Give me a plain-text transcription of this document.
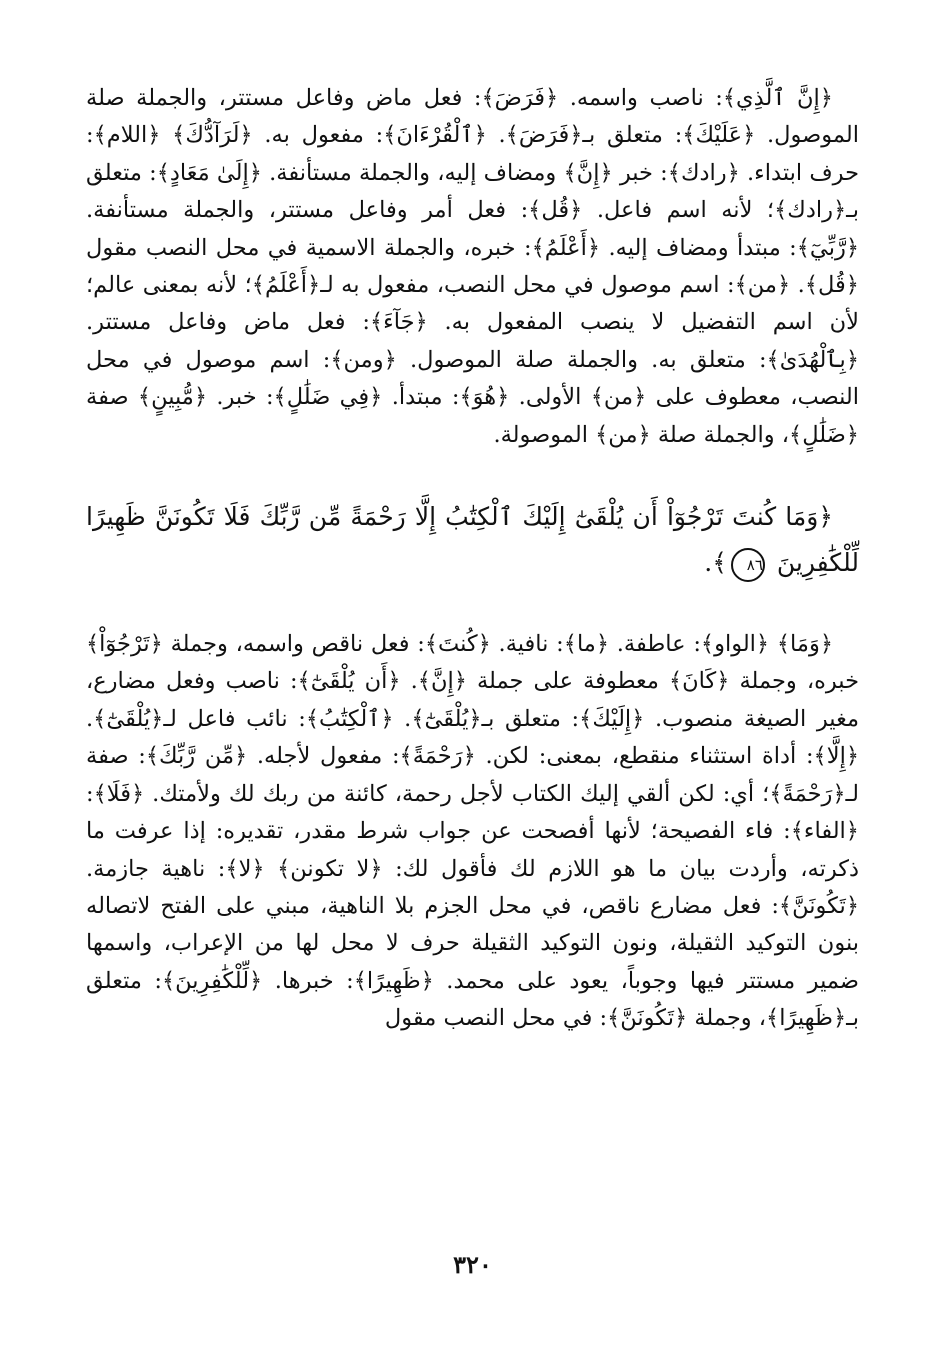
﴿إِنَّ ٱلَّذِي﴾: ناصب واسمه. ﴿فَرَضَ﴾: فعل ماض وفاعل مستتر، والجملة صلة الموصول. ﴿عَلَيْكَ﴾: متعلق بـ﴿فَرَضَ﴾. ﴿ٱلْقُرْءَانَ﴾: مفعول به. ﴿لَرَآدُّكَ﴾ ﴿اللام﴾: حرف ابتداء. ﴿رادك﴾: خبر ﴿إِنَّ﴾ ومضاف إليه، والجملة مستأنفة. ﴿إِلَىٰ مَعَادٍ﴾: متعلق بـ﴿رادك﴾؛ لأنه اسم فاعل. ﴿قُل﴾: فعل أمر وفاعل مستتر، والجملة مستأنفة. ﴿رَّبِّيٓ﴾: مبتدأ ومضاف إليه. ﴿أَعْلَمُ﴾: خبره، والجملة الاسمية في محل النصب مقول ﴿قُل﴾. ﴿من﴾: اسم موصول في محل النصب، مفعول به لـ﴿أَعْلَمُ﴾؛ لأنه بمعنى عالم؛ لأن اسم التفضيل لا ينصب المفعول به. ﴿جَآءَ﴾: فعل ماض وفاعل مستتر. ﴿بِٱلْهُدَىٰ﴾: متعلق به. والجملة صلة الموصول. ﴿ومن﴾: اسم موصول في محل النصب، معطوف على ﴿من﴾ الأولى. ﴿هُوَ﴾: مبتدأ. ﴿فِي ضَلَٰلٍ﴾: خبر. ﴿مُّبِينٍ﴾ صفة ﴿ضَلَٰلٍ﴾، والجملة صلة ﴿من﴾ الموصولة.

﴿وَمَا كُنتَ تَرْجُوٓاْ أَن يُلْقَىٰٓ إِلَيْكَ ٱلْكِتَٰبُ إِلَّا رَحْمَةً مِّن رَّبِّكَ فَلَا تَكُونَنَّ ظَهِيرًا لِّلْكَٰفِرِينَ ٨٦﴾.

﴿وَمَا﴾ ﴿الواو﴾: عاطفة. ﴿ما﴾: نافية. ﴿كُنتَ﴾: فعل ناقص واسمه، وجملة ﴿تَرْجُوٓاْ﴾ خبره، وجملة ﴿كَانَ﴾ معطوفة على جملة ﴿إِنَّ﴾. ﴿أَن يُلْقَىٰٓ﴾: ناصب وفعل مضارع، مغير الصيغة منصوب. ﴿إِلَيْكَ﴾: متعلق بـ﴿يُلْقَىٰٓ﴾. ﴿ٱلْكِتَٰبُ﴾: نائب فاعل لـ﴿يُلْقَىٰٓ﴾. ﴿إِلَّا﴾: أداة استثناء منقطع، بمعنى: لكن. ﴿رَحْمَةً﴾: مفعول لأجله. ﴿مِّن رَّبِّكَ﴾: صفة لـ﴿رَحْمَةً﴾؛ أي: لكن ألقي إليك الكتاب لأجل رحمة، كائنة من ربك لك ولأمتك. ﴿فَلَا﴾: ﴿الفاء﴾: فاء الفصيحة؛ لأنها أفصحت عن جواب شرط مقدر، تقديره: إذا عرفت ما ذكرته، وأردت بيان ما هو اللازم لك فأقول لك: ﴿لا تكونن﴾ ﴿لا﴾: ناهية جازمة. ﴿تَكُونَنَّ﴾: فعل مضارع ناقص، في محل الجزم بلا الناهية، مبني على الفتح لاتصاله بنون التوكيد الثقيلة، ونون التوكيد الثقيلة حرف لا محل لها من الإعراب، واسمها ضمير مستتر فيها وجوباً، يعود على محمد. ﴿ظَهِيرًا﴾: خبرها. ﴿لِّلْكَٰفِرِينَ﴾: متعلق بـ﴿ظَهِيرًا﴾، وجملة ﴿تَكُونَنَّ﴾: في محل النصب مقول

٣٢٠
